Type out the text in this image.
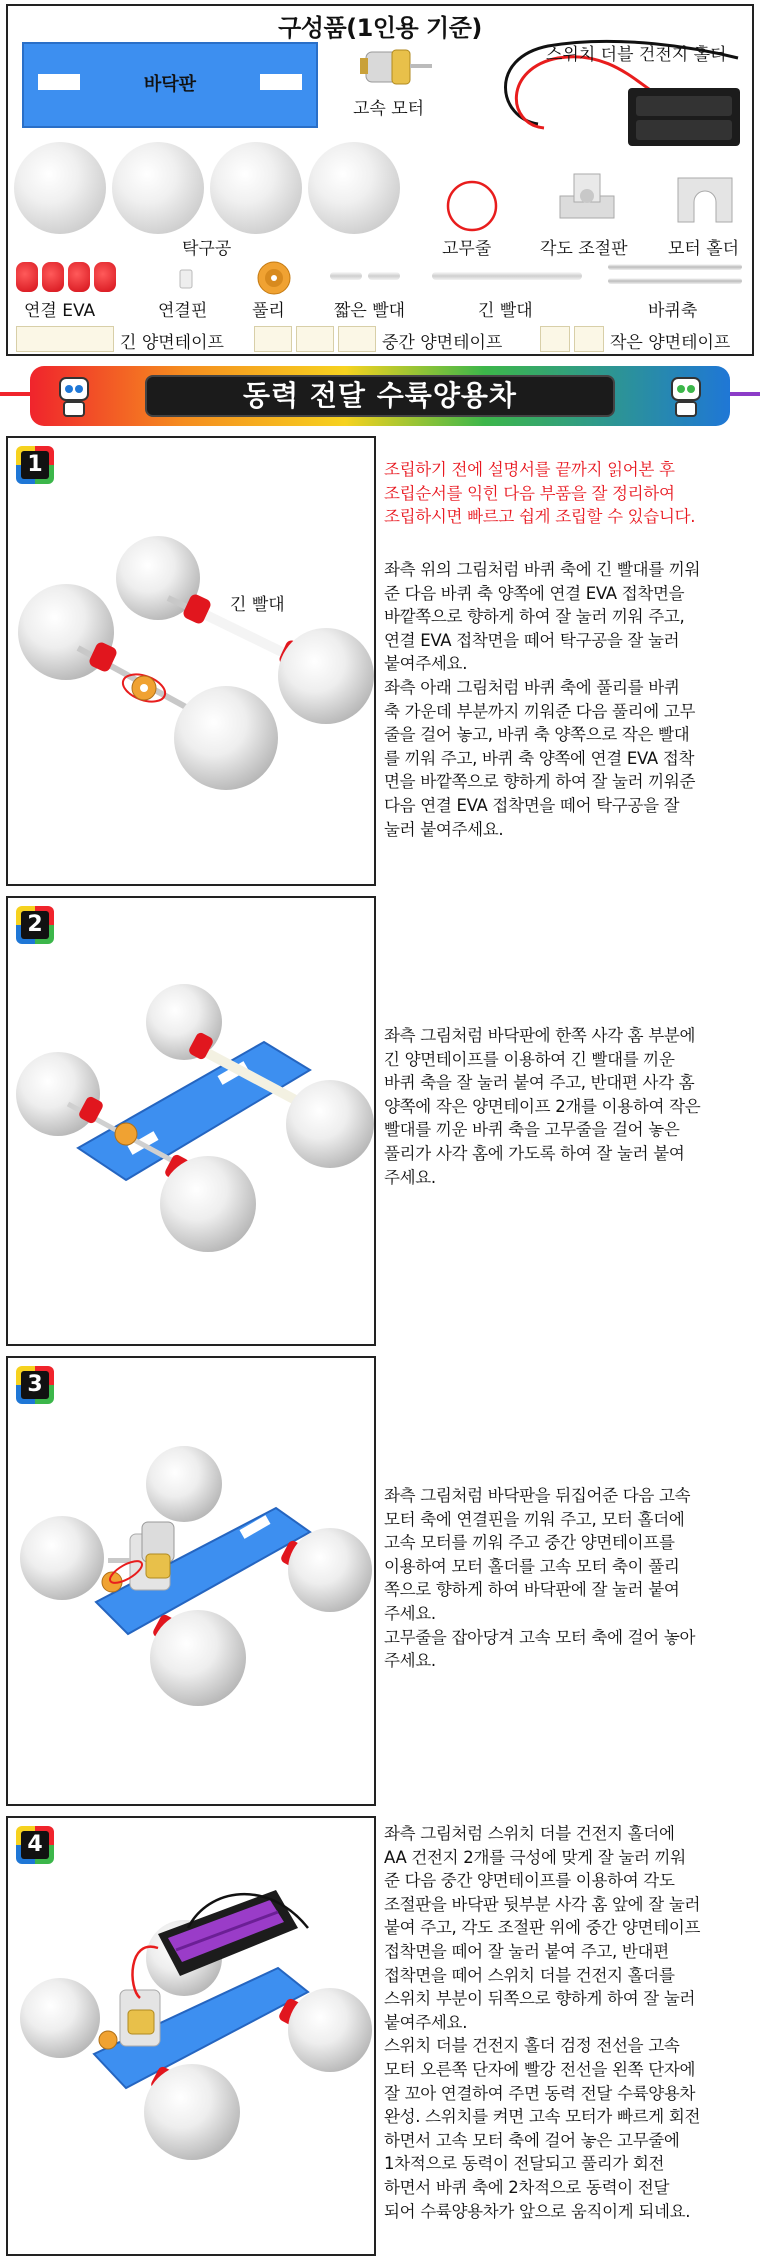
구성품(1인용 기준)
바닥판
고속 모터
스위치 더블 건전지 홀더
탁구공	고무줄	각도 조절판 모터 홀더
연결 EVA	연결핀	풀리	짧은 빨대	긴 빨대	바퀴축
긴 양면테이프	중간 양면테이프	작은 양면테이프
동력 전달 수륙양용차
1
긴 빨대
조립하기 전에 설명서를 끝까지 읽어본 후
조립순서를 익힌 다음 부품을 잘 정리하여
조립하시면 빠르고 쉽게 조립할 수 있습니다.
좌측 위의 그림처럼 바퀴 축에 긴 빨대를 끼워
준 다음 바퀴 축 양쪽에 연결 EVA 접착면을
바깥쪽으로 향하게 하여 잘 눌러 끼워 주고,
연결 EVA 접착면을 떼어 탁구공을 잘 눌러
붙여주세요.
좌측 아래 그림처럼 바퀴 축에 풀리를 바퀴
축 가운데 부분까지 끼워준 다음 풀리에 고무
줄을 걸어 놓고, 바퀴 축 양쪽으로 작은 빨대
를 끼워 주고, 바퀴 축 양쪽에 연결 EVA 접착
면을 바깥쪽으로 향하게 하여 잘 눌러 끼워준
다음 연결 EVA 접착면을 떼어 탁구공을 잘
눌러 붙여주세요.
2
좌측 그림처럼 바닥판에 한쪽 사각 홈 부분에
긴 양면테이프를 이용하여 긴 빨대를 끼운
바퀴 축을 잘 눌러 붙여 주고, 반대편 사각 홈
양쪽에 작은 양면테이프 2개를 이용하여 작은
빨대를 끼운 바퀴 축을 고무줄을 걸어 놓은
풀리가 사각 홈에 가도록 하여 잘 눌러 붙여
주세요.
3
좌측 그림처럼 바닥판을 뒤집어준 다음 고속
모터 축에 연결핀을 끼워 주고, 모터 홀더에
고속 모터를 끼워 주고 중간 양면테이프를
이용하여 모터 홀더를 고속 모터 축이 풀리
쪽으로 향하게 하여 바닥판에 잘 눌러 붙여
주세요.
고무줄을 잡아당겨 고속 모터 축에 걸어 놓아
주세요.
4	좌측 그림처럼 스위치 더블 건전지 홀더에
AA 건전지 2개를 극성에 맞게 잘 눌러 끼워
준 다음 중간 양면테이프를 이용하여 각도
조절판을 바닥판 뒷부분 사각 홈 앞에 잘 눌러
붙여 주고, 각도 조절판 위에 중간 양면테이프
접착면을 떼어 잘 눌러 붙여 주고, 반대편
접착면을 떼어 스위치 더블 건전지 홀더를
스위치 부분이 뒤쪽으로 향하게 하여 잘 눌러
붙여주세요.
스위치 더블 건전지 홀더 검정 전선을 고속
모터 오른쪽 단자에 빨강 전선을 왼쪽 단자에
잘 꼬아 연결하여 주면 동력 전달 수륙양용차
완성. 스위치를 켜면 고속 모터가 빠르게 회전
하면서 고속 모터 축에 걸어 놓은 고무줄에
1차적으로 동력이 전달되고 풀리가 회전
하면서 바퀴 축에 2차적으로 동력이 전달
되어 수륙양용차가 앞으로 움직이게 되네요.
